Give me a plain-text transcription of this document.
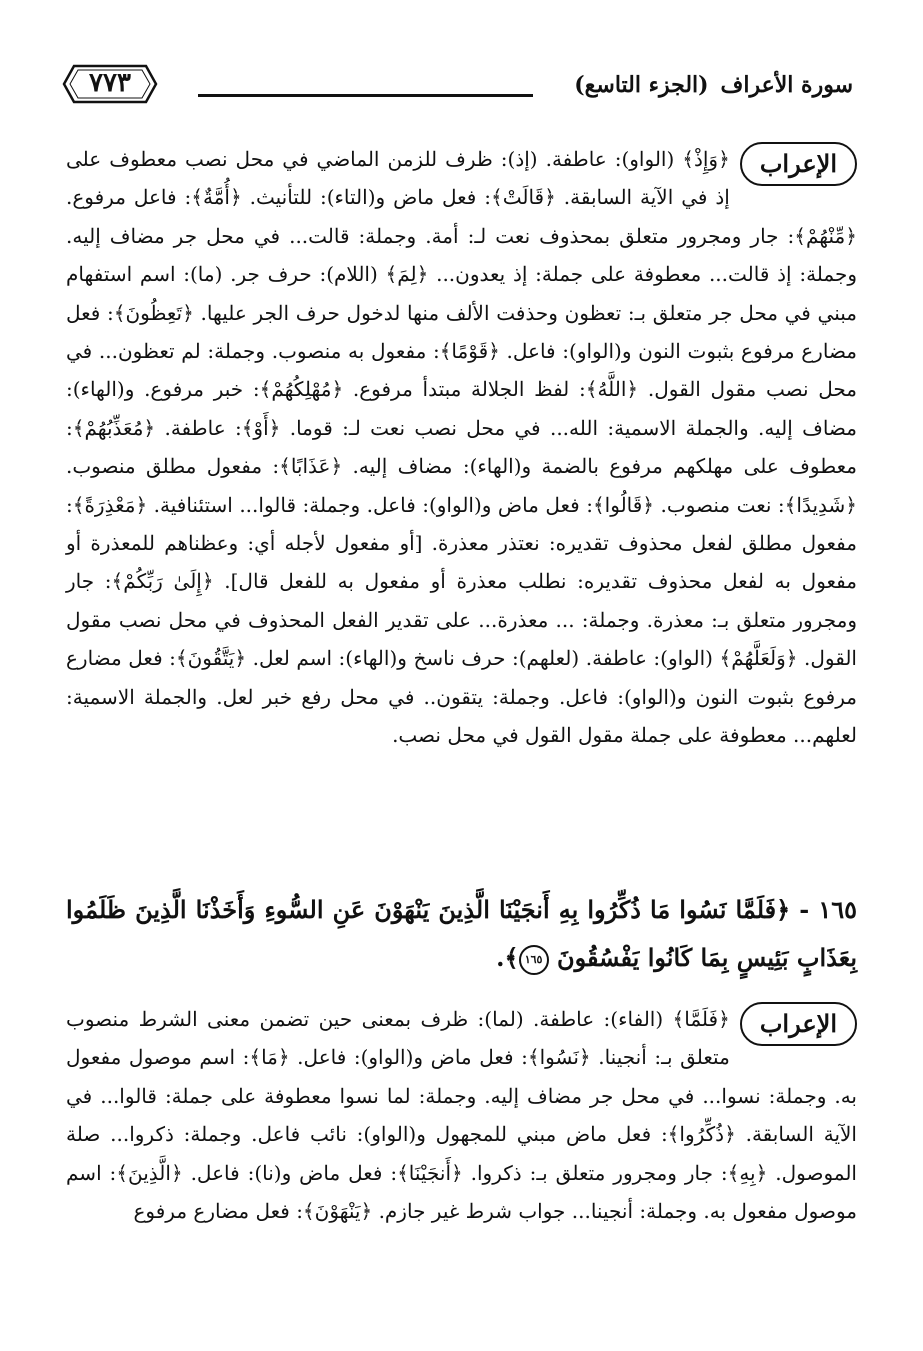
سورة الأعراف(الجزء التاسع)
٧٧٣
الإعراب

﴿وَإِذْ﴾ (الواو): عاطفة. (إذ): ظرف للزمن الماضي في محل نصب معطوف على إذ في الآية السابقة. ﴿قَالَتْ﴾: فعل ماض و(التاء): للتأنيث. ﴿أُمَّةٌ﴾: فاعل مرفوع. ﴿مِّنْهُمْ﴾: جار ومجرور متعلق بمحذوف نعت لـ: أمة. وجملة: قالت... في محل جر مضاف إليه. وجملة: إذ قالت... معطوفة على جملة: إذ يعدون... ﴿لِمَ﴾ (اللام): حرف جر. (ما): اسم استفهام مبني في محل جر متعلق بـ: تعظون وحذفت الألف منها لدخول حرف الجر عليها. ﴿تَعِظُونَ﴾: فعل مضارع مرفوع بثبوت النون و(الواو): فاعل. ﴿قَوْمًا﴾: مفعول به منصوب. وجملة: لم تعظون... في محل نصب مقول القول. ﴿اللَّهُ﴾: لفظ الجلالة مبتدأ مرفوع. ﴿مُهْلِكُهُمْ﴾: خبر مرفوع. و(الهاء): مضاف إليه. والجملة الاسمية: الله... في محل نصب نعت لـ: قوما. ﴿أَوْ﴾: عاطفة. ﴿مُعَذِّبُهُمْ﴾: معطوف على مهلكهم مرفوع بالضمة و(الهاء): مضاف إليه. ﴿عَذَابًا﴾: مفعول مطلق منصوب. ﴿شَدِيدًا﴾: نعت منصوب. ﴿قَالُوا﴾: فعل ماض و(الواو): فاعل. وجملة: قالوا... استئنافية. ﴿مَعْذِرَةً﴾: مفعول مطلق لفعل محذوف تقديره: نعتذر معذرة. [أو مفعول لأجله أي: وعظناهم للمعذرة أو مفعول به لفعل محذوف تقديره: نطلب معذرة أو مفعول به للفعل قال]. ﴿إِلَىٰ رَبِّكُمْ﴾: جار ومجرور متعلق بـ: معذرة. وجملة: ... معذرة... على تقدير الفعل المحذوف في محل نصب مقول القول. ﴿وَلَعَلَّهُمْ﴾ (الواو): عاطفة. (لعلهم): حرف ناسخ و(الهاء): اسم لعل. ﴿يَتَّقُونَ﴾: فعل مضارع مرفوع بثبوت النون و(الواو): فاعل. وجملة: يتقون.. في محل رفع خبر لعل. والجملة الاسمية: لعلهم... معطوفة على جملة مقول القول في محل نصب.

١٦٥ - ﴿فَلَمَّا نَسُوا مَا ذُكِّرُوا بِهِ أَنجَيْنَا الَّذِينَ يَنْهَوْنَ عَنِ السُّوءِ وَأَخَذْنَا الَّذِينَ ظَلَمُوا بِعَذَابٍ بَئِيسٍ بِمَا كَانُوا يَفْسُقُونَ ١٦٥﴾.
الإعراب

﴿فَلَمَّا﴾ (الفاء): عاطفة. (لما): ظرف بمعنى حين تضمن معنى الشرط منصوب متعلق بـ: أنجينا. ﴿نَسُوا﴾: فعل ماض و(الواو): فاعل. ﴿مَا﴾: اسم موصول مفعول به. وجملة: نسوا... في محل جر مضاف إليه. وجملة: لما نسوا معطوفة على جملة: قالوا... في الآية السابقة. ﴿ذُكِّرُوا﴾: فعل ماض مبني للمجهول و(الواو): نائب فاعل. وجملة: ذكروا... صلة الموصول. ﴿بِهِ﴾: جار ومجرور متعلق بـ: ذكروا. ﴿أَنجَيْنَا﴾: فعل ماض و(نا): فاعل. ﴿الَّذِينَ﴾: اسم موصول مفعول به. وجملة: أنجينا... جواب شرط غير جازم. ﴿يَنْهَوْنَ﴾: فعل مضارع مرفوع
